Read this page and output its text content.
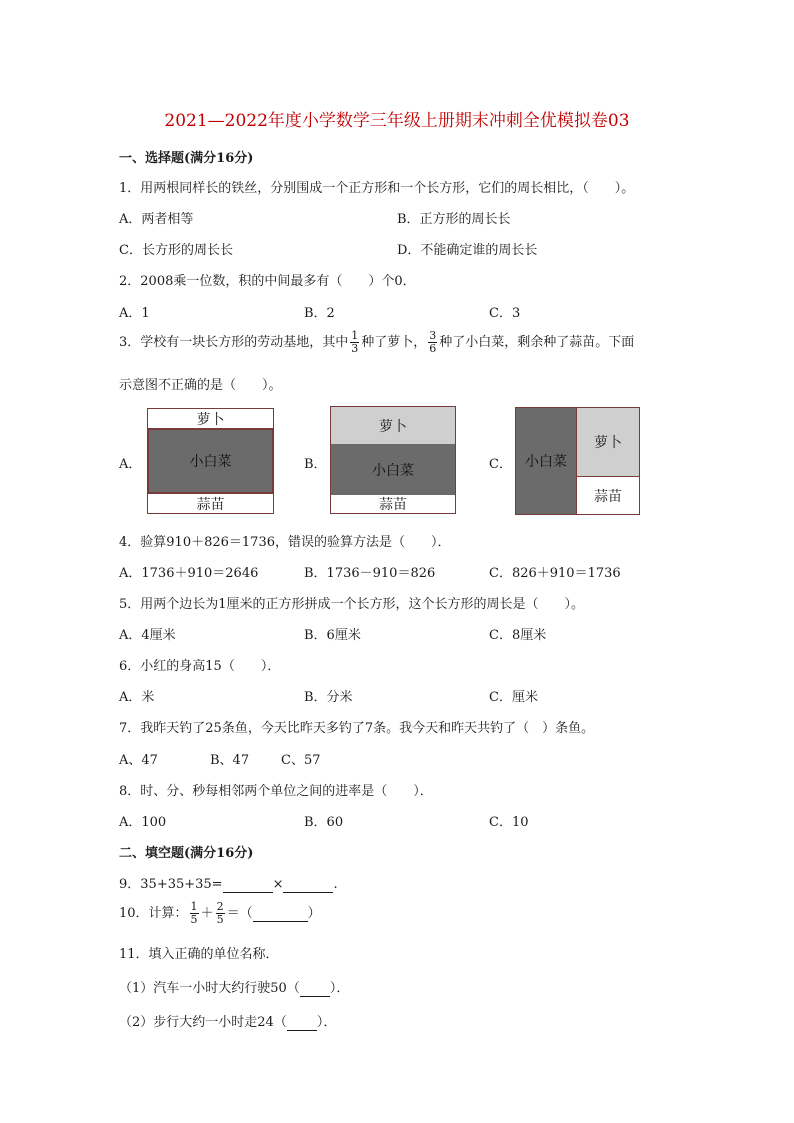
2021—2022年度小学数学三年级上册期末冲刺全优模拟卷03
一、选择题(满分16分)
1．用两根同样长的铁丝，分别围成一个正方形和一个长方形，它们的周长相比，（　　）。
A．两者相等	B．正方形的周长长
C．长方形的周长长	D．不能确定谁的周长长
2．2008乘一位数，积的中间最多有（　　）个0．
A．1	B．2	C．3
3．学校有一块长方形的劳动基地，其中 $\frac{1}{3}$ 种了萝卜， $\frac{3}{6}$ 种了小白菜，剩余种了蒜苗。下面
示意图不正确的是（　　）。
A．
萝卜
小白菜
蒜苗
B．
萝卜
小白菜
蒜苗
C． 小白菜
萝卜
蒜苗
4．验算910＋826＝1736，错误的验算方法是（　　）．
A．1736＋910＝2646	B．1736－910＝826	C．826＋910＝1736
5．用两个边长为1厘米的正方形拼成一个长方形，这个长方形的周长是（　　）。
A．4厘米	B．6厘米	C．8厘米
6．小红的身高15（　　）．
A．米	B．分米	C．厘米
7．我昨天钓了25条鱼，今天比昨天多钓了7条。我今天和昨天共钓了（　）条鱼。
A、47	B、47 C、57
8．时、分、秒每相邻两个单位之间的进率是（　　）．
A．100	B．60	C．10
二、填空题(满分16分)
9．35+35+35=	×	.
10．计算： $\frac{1}{5} + \frac{2}{5}$ ＝（	）
11．填入正确的单位名称．
（1）汽车一小时大约行驶50（ ）．
（2）步行大约一小时走24（ ）．
